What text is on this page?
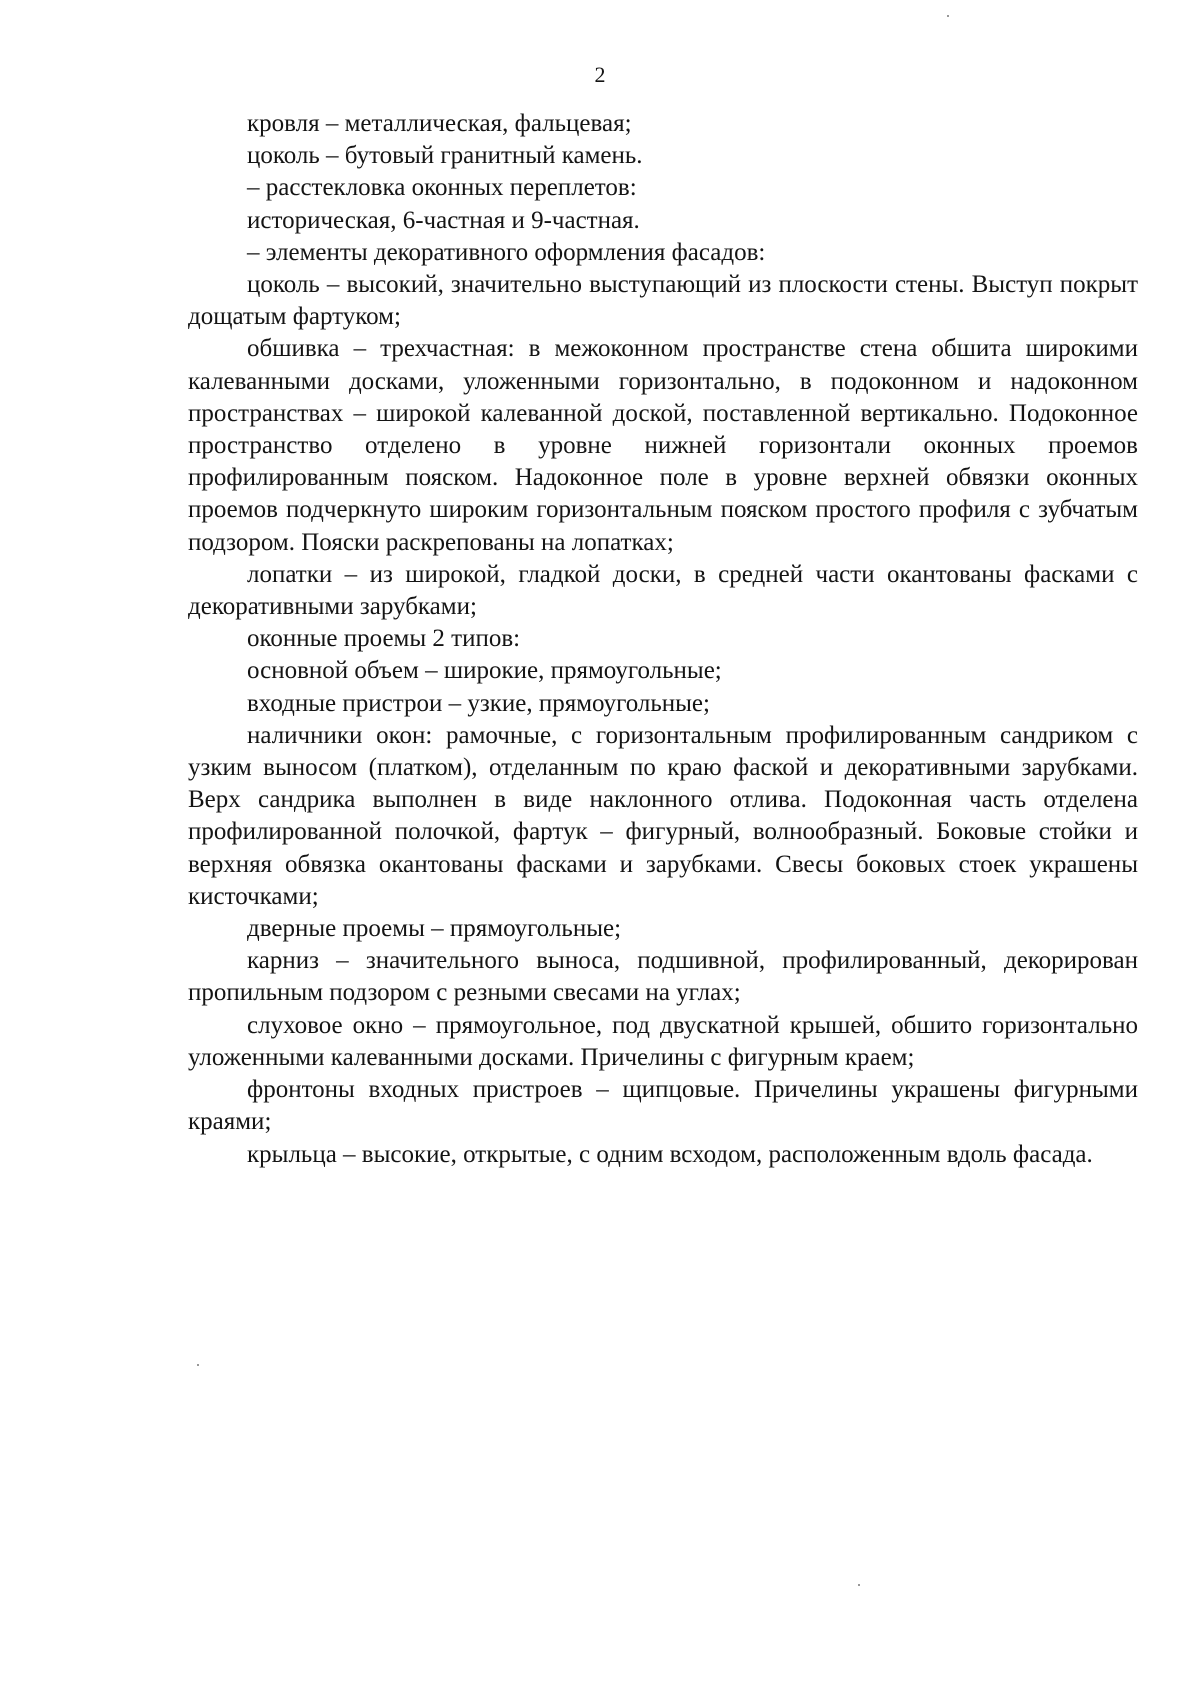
2

кровля – металлическая, фальцевая;

цоколь – бутовый гранитный камень.

– расстекловка оконных переплетов:

историческая, 6-частная и 9-частная.

– элементы декоративного оформления фасадов:

цоколь – высокий, значительно выступающий из плоскости стены. Выступ покрыт дощатым фартуком;

обшивка – трехчастная: в межоконном пространстве стена обшита широкими калеванными досками, уложенными горизонтально, в подоконном и надоконном пространствах – широкой калеванной доской, поставленной вертикально. Подоконное пространство отделено в уровне нижней горизонтали оконных проемов профилированным пояском. Надоконное поле в уровне верхней обвязки оконных проемов подчеркнуто широким горизонтальным пояском простого профиля с зубчатым подзором. Пояски раскрепованы на лопатках;

лопатки – из широкой, гладкой доски, в средней части окантованы фасками с декоративными зарубками;

оконные проемы 2 типов:

основной объем – широкие, прямоугольные;

входные пристрои – узкие, прямоугольные;

наличники окон: рамочные, с горизонтальным профилированным сандриком с узким выносом (платком), отделанным по краю фаской и декоративными зарубками. Верх сандрика выполнен в виде наклонного отлива. Подоконная часть отделена профилированной полочкой, фартук – фигурный, волнообразный. Боковые стойки и верхняя обвязка окантованы фасками и зарубками. Свесы боковых стоек украшены кисточками;

дверные проемы – прямоугольные;

карниз – значительного выноса, подшивной, профилированный, декорирован пропильным подзором с резными свесами на углах;

слуховое окно – прямоугольное, под двускатной крышей, обшито горизонтально уложенными калеванными досками. Причелины с фигурным краем;

фронтоны входных пристроев – щипцовые. Причелины украшены фигурными краями;

крыльца – высокие, открытые, с одним всходом, расположенным вдоль фасада.
